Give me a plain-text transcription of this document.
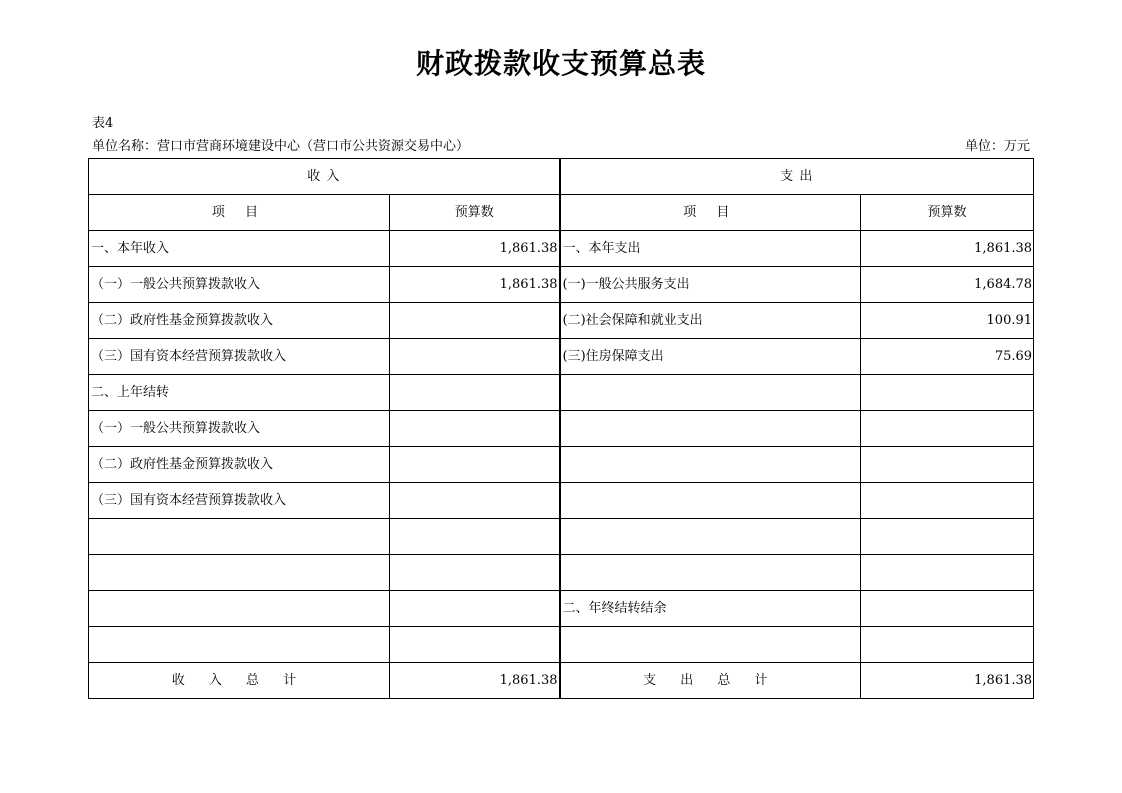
财政拨款收支预算总表
表4
单位名称：营口市营商环境建设中心（营口市公共资源交易中心）	单位：万元
收 入		支 出	
项 目	预算数	项 目	预算数
一、本年收入	1,861.38	一、本年支出	1,861.38
（一）一般公共预算拨款收入	1,861.38	(一)一般公共服务支出	1,684.78
（二）政府性基金预算拨款收入		(二)社会保障和就业支出	100.91
（三）国有资本经营预算拨款收入		(三)住房保障支出	75.69
二、上年结转			
（一）一般公共预算拨款收入			
（二）政府性基金预算拨款收入			
（三）国有资本经营预算拨款收入			

		二、年终结转结余	

收 入 总 计	1,861.38	支 出 总 计	1,861.38
